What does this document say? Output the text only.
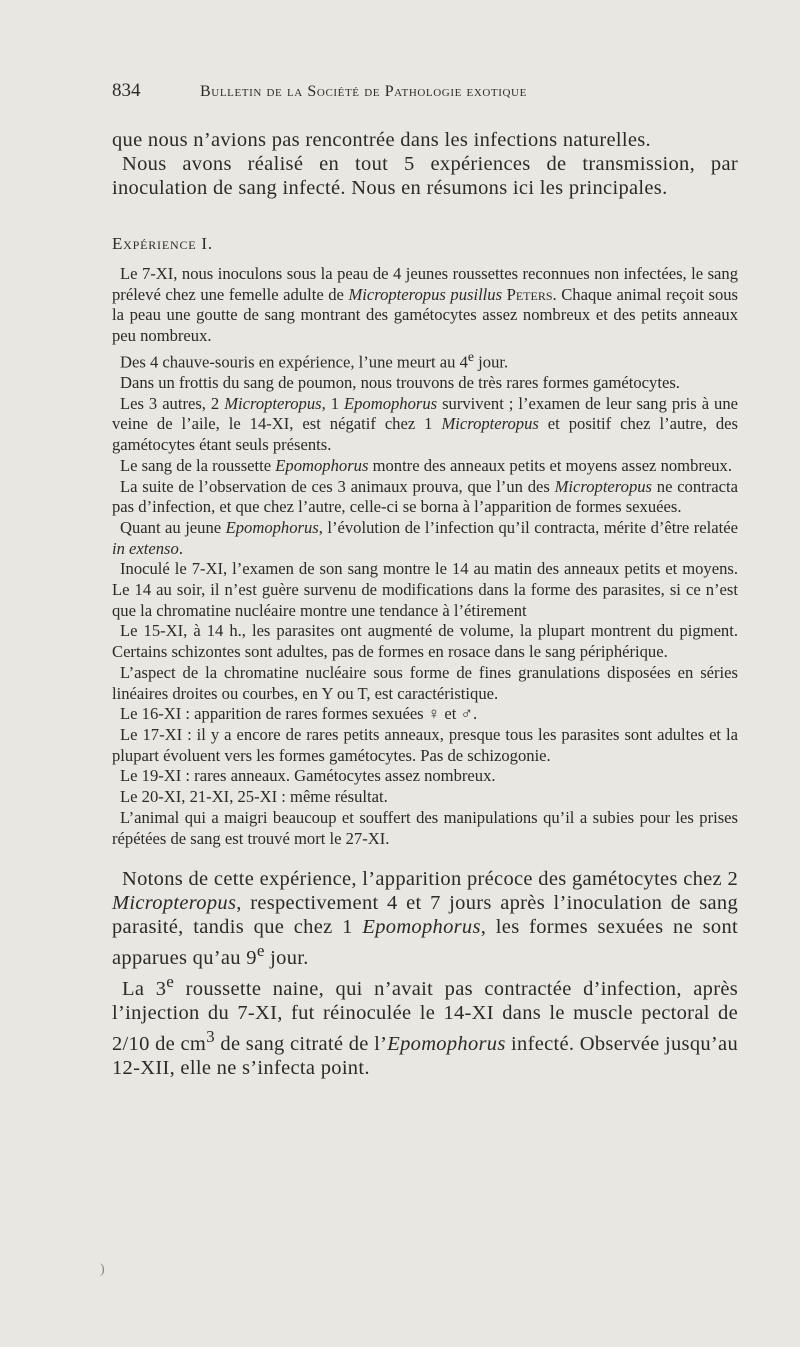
834	Bulletin de la Société de Pathologie exotique

que nous n’avions pas rencontrée dans les infections naturelles.

Nous avons réalisé en tout 5 expériences de transmission, par inoculation de sang infecté. Nous en résumons ici les principales.

Expérience I.

Le 7-XI, nous inoculons sous la peau de 4 jeunes roussettes reconnues non infectées, le sang prélevé chez une femelle adulte de Micropteropus pusillus Peters. Chaque animal reçoit sous la peau une goutte de sang montrant des gamétocytes assez nombreux et des petits anneaux peu nombreux.

Des 4 chauve-souris en expérience, l’une meurt au 4e jour.

Dans un frottis du sang de poumon, nous trouvons de très rares formes gamétocytes.

Les 3 autres, 2 Micropteropus, 1 Epomophorus survivent ; l’examen de leur sang pris à une veine de l’aile, le 14-XI, est négatif chez 1 Micropteropus et positif chez l’autre, des gamétocytes étant seuls présents.

Le sang de la roussette Epomophorus montre des anneaux petits et moyens assez nombreux.

La suite de l’observation de ces 3 animaux prouva, que l’un des Micropteropus ne contracta pas d’infection, et que chez l’autre, celle-ci se borna à l’apparition de formes sexuées.

Quant au jeune Epomophorus, l’évolution de l’infection qu’il contracta, mérite d’être relatée in extenso.

Inoculé le 7-XI, l’examen de son sang montre le 14 au matin des anneaux petits et moyens. Le 14 au soir, il n’est guère survenu de modifications dans la forme des parasites, si ce n’est que la chromatine nucléaire montre une tendance à l’étirement

Le 15-XI, à 14 h., les parasites ont augmenté de volume, la plupart montrent du pigment. Certains schizontes sont adultes, pas de formes en rosace dans le sang périphérique.

L’aspect de la chromatine nucléaire sous forme de fines granulations disposées en séries linéaires droites ou courbes, en Y ou T, est caractéristique.

Le 16-XI : apparition de rares formes sexuées ♀ et ♂.

Le 17-XI : il y a encore de rares petits anneaux, presque tous les parasites sont adultes et la plupart évoluent vers les formes gamétocytes. Pas de schizogonie.

Le 19-XI : rares anneaux. Gamétocytes assez nombreux.

Le 20-XI, 21-XI, 25-XI : même résultat.

L’animal qui a maigri beaucoup et souffert des manipulations qu’il a subies pour les prises répétées de sang est trouvé mort le 27-XI.

Notons de cette expérience, l’apparition précoce des gamétocytes chez 2 Micropteropus, respectivement 4 et 7 jours après l’inoculation de sang parasité, tandis que chez 1 Epomophorus, les formes sexuées ne sont apparues qu’au 9e jour.

La 3e roussette naine, qui n’avait pas contractée d’infection, après l’injection du 7-XI, fut réinoculée le 14-XI dans le muscle pectoral de 2/10 de $cm^3$ de sang citraté de l’Epomophorus infecté. Observée jusqu’au 12-XII, elle ne s’infecta point.

)
